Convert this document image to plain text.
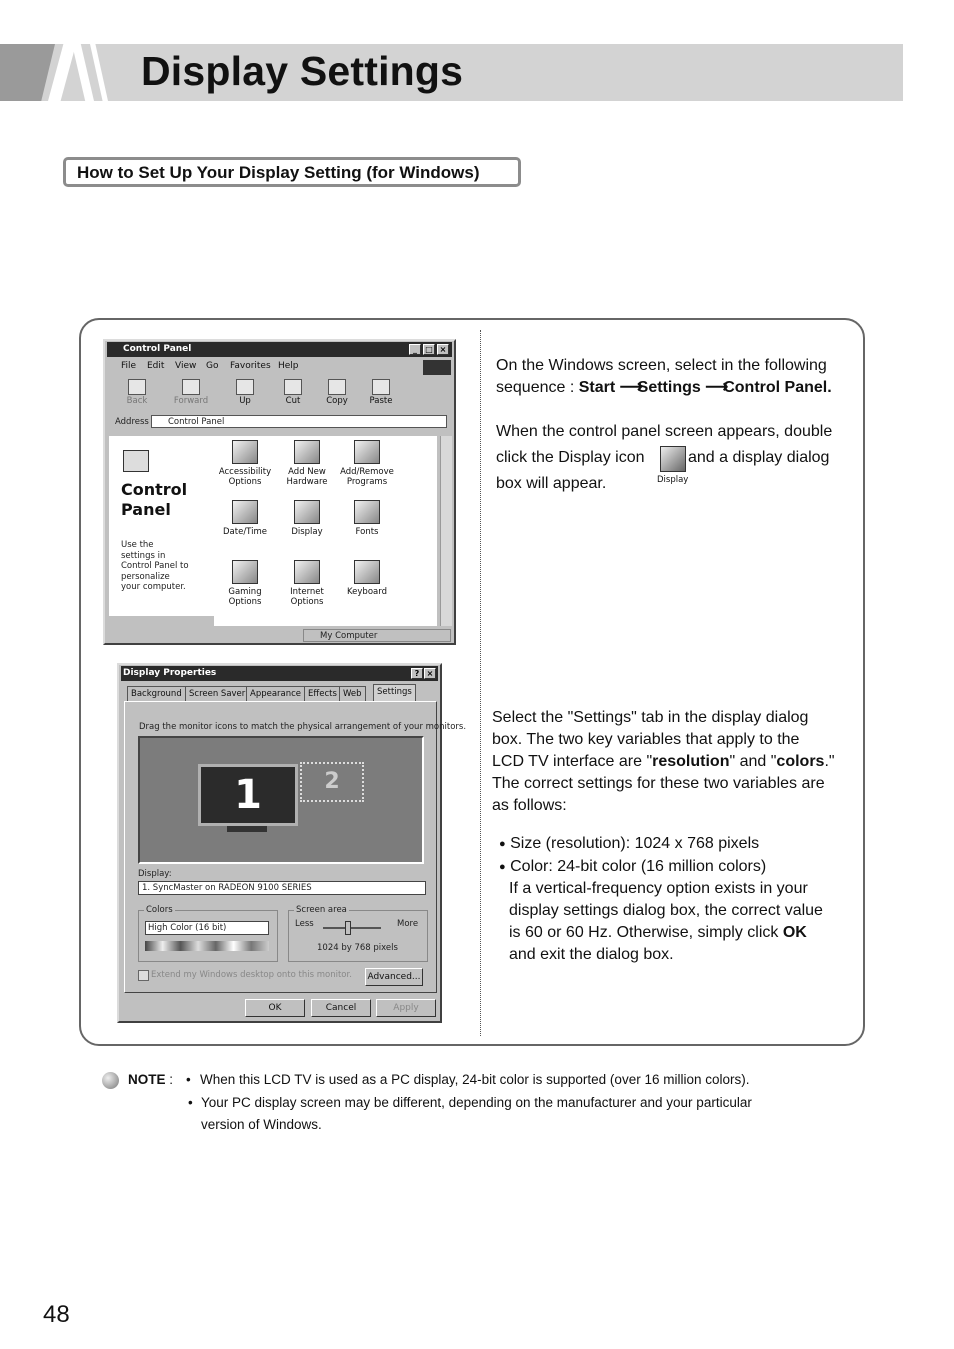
Display Settings
How to Set Up Your Display Setting (for Windows)
Control Panel	_	□ ×
File Edit View Go Favorites Help
Back	Forward	Up	Cut	Copy	Paste
Address	Control Panel
Control
Panel
Use the settings in Control Panel to personalize your computer.
Accessibility Options
Add New Hardware
Add/Remove Programs
Date/Time	Display	Fonts
Gaming Options
Internet Options
Keyboard
My Computer
Display Properties	? ×
Background Screen Saver Appearance Effects Web	Settings
Drag the monitor icons to match the physical arrangement of your monitors.
1	2
Display:
1. SyncMaster on RADEON 9100 SERIES
Colors
High Color (16 bit)
Screen area
Less	More
1024 by 768 pixels
Extend my Windows desktop onto this monitor. Advanced...
OK	Cancel	Apply
On the Windows screen, select in the following
sequence : Start ⟶Settings ⟶Control Panel.
When the control panel screen appears, double
click the Display icon
Display
and a display dialog
box will appear.
Select the "Settings" tab in the display dialog
box. The two key variables that apply to the
LCD TV interface are "resolution" and "colors."
The correct settings for these two variables are
as follows:
● Size (resolution): 1024 x 768 pixels
● Color: 24-bit color (16 million colors)
If a vertical-frequency option exists in your
display settings dialog box, the correct value
is 60 or 60 Hz. Otherwise, simply click OK
and exit the dialog box.
NOTE : • When this LCD TV is used as a PC display, 24-bit color is supported (over 16 million colors).
• Your PC display screen may be different, depending on the manufacturer and your particular
version of Windows.
48
